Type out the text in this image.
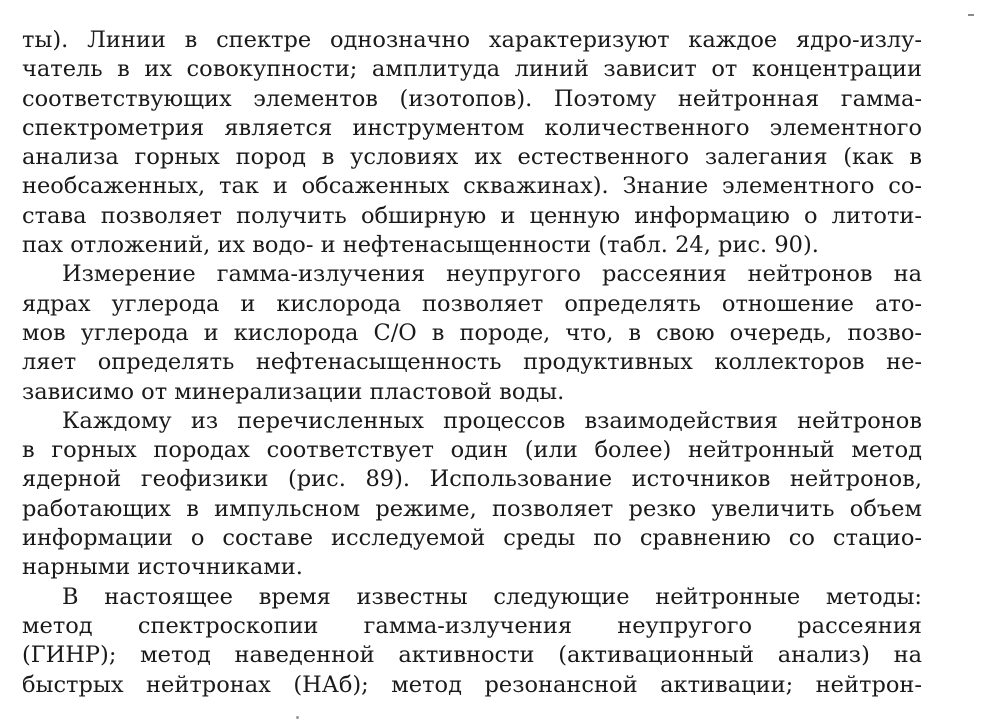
ты). Линии в спектре однозначно характеризуют каждое ядро-излу-
чатель в их совокупности; амплитуда линий зависит от концентрации
соответствующих элементов (изотопов). Поэтому нейтронная гамма-
спектрометрия является инструментом количественного элементного
анализа горных пород в условиях их естественного залегания (как в
необсаженных, так и обсаженных скважинах). Знание элементного со-
става позволяет получить обширную и ценную информацию о литоти-
пах отложений, их водо- и нефтенасыщенности (табл. 24, рис. 90).
Измерение гамма-излучения неупругого рассеяния нейтронов на
ядрах углерода и кислорода позволяет определять отношение ато-
мов углерода и кислорода С/О в породе, что, в свою очередь, позво-
ляет определять нефтенасыщенность продуктивных коллекторов не-
зависимо от минерализации пластовой воды.
Каждому из перечисленных процессов взаимодействия нейтронов
в горных породах соответствует один (или более) нейтронный метод
ядерной геофизики (рис. 89). Использование источников нейтронов,
работающих в импульсном режиме, позволяет резко увеличить объем
информации о составе исследуемой среды по сравнению со стацио-
нарными источниками.
В настоящее время известны следующие нейтронные методы:
метод спектроскопии гамма-излучения неупругого рассеяния
(ГИНР); метод наведенной активности (активационный анализ) на
быстрых нейтронах (НАб); метод резонансной активации; нейтрон-
